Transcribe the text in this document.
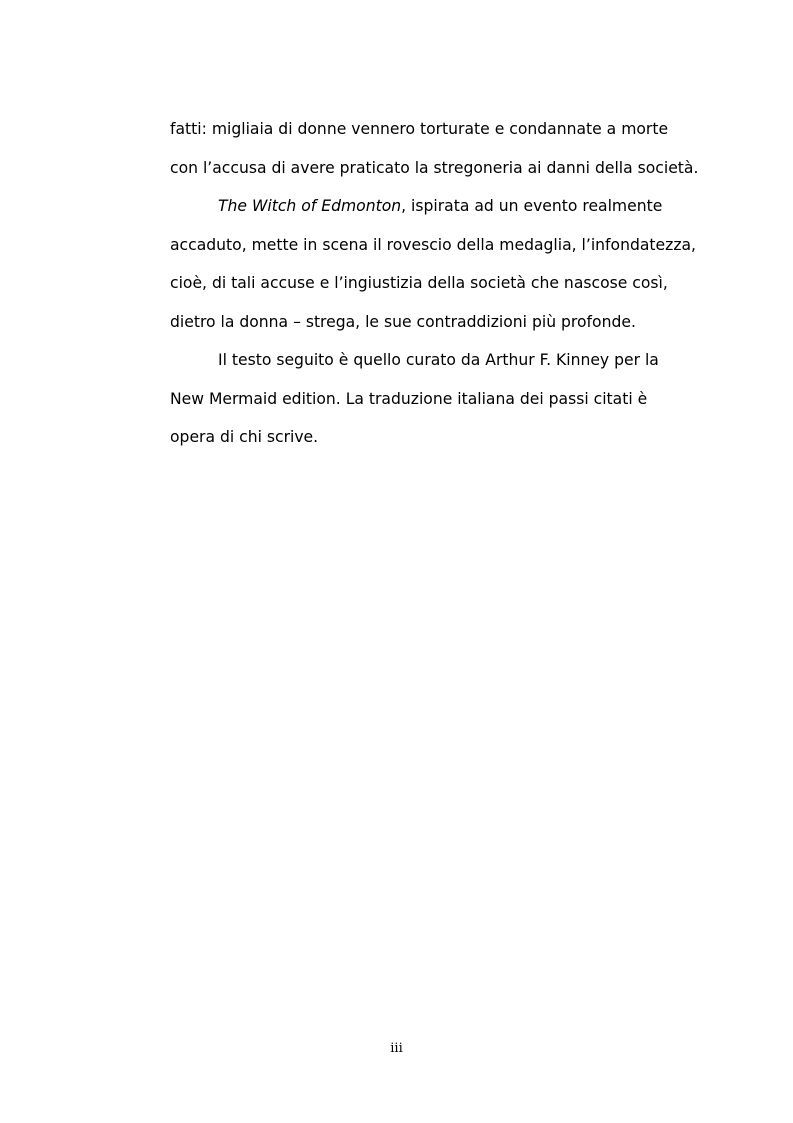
fatti: migliaia di donne vennero torturate e condannate a morte
con l’accusa di avere praticato la stregoneria ai danni della società.
The Witch of Edmonton, ispirata ad un evento realmente
accaduto, mette in scena il rovescio della medaglia, l’infondatezza,
cioè, di tali accuse e l’ingiustizia della società che nascose così,
dietro la donna – strega, le sue contraddizioni più profonde.
Il testo seguito è quello curato da Arthur F. Kinney per la
New Mermaid edition. La traduzione italiana dei passi citati è
opera di chi scrive.
iii
